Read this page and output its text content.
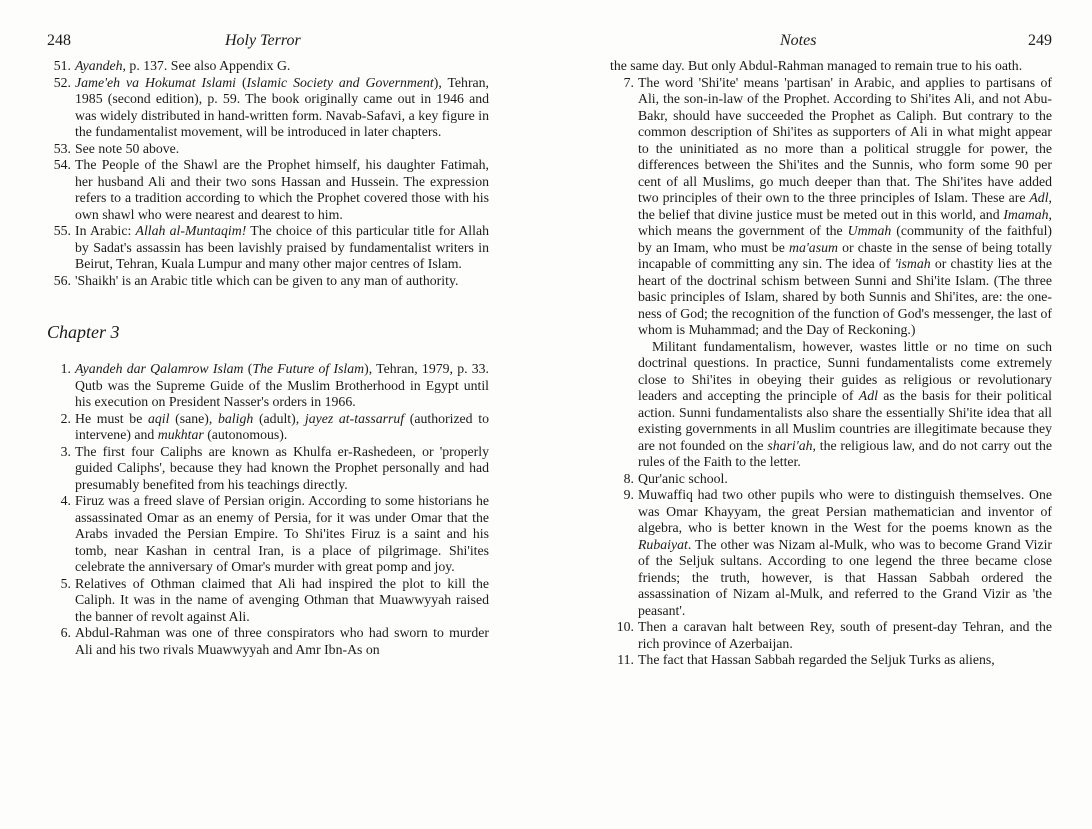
248	Holy Terror
51. Ayandeh, p. 137. See also Appendix G.
52. Jame'eh va Hokumat Islami (Islamic Society and Government), Tehran, 1985 (second edition), p. 59. The book originally came out in 1946 and was widely distributed in hand-written form. Navab-Safavi, a key figure in the fundamentalist movement, will be introduced in later chapters.
53. See note 50 above.
54. The People of the Shawl are the Prophet himself, his daughter Fatimah, her husband Ali and their two sons Hassan and Hussein. The expression refers to a tradition according to which the Prophet covered those with his own shawl who were nearest and dearest to him.
55. In Arabic: Allah al-Muntaqim! The choice of this particular title for Allah by Sadat's assassin has been lavishly praised by fundamentalist writers in Beirut, Tehran, Kuala Lumpur and many other major centres of Islam.
56. 'Shaikh' is an Arabic title which can be given to any man of authority.
Chapter 3
1. Ayandeh dar Qalamrow Islam (The Future of Islam), Tehran, 1979, p. 33. Qutb was the Supreme Guide of the Muslim Brotherhood in Egypt until his execution on President Nasser's orders in 1966.
2. He must be aqil (sane), baligh (adult), jayez at-tassarruf (authorized to intervene) and mukhtar (autonomous).
3. The first four Caliphs are known as Khulfa er-Rashedeen, or 'properly guided Caliphs', because they had known the Prophet personally and had presumably benefited from his teachings directly.
4. Firuz was a freed slave of Persian origin. According to some historians he assassinated Omar as an enemy of Persia, for it was under Omar that the Arabs invaded the Persian Empire. To Shi'ites Firuz is a saint and his tomb, near Kashan in central Iran, is a place of pilgrimage. Shi'ites celebrate the anniversary of Omar's murder with great pomp and joy.
5. Relatives of Othman claimed that Ali had inspired the plot to kill the Caliph. It was in the name of avenging Othman that Muawwyyah raised the banner of revolt against Ali.
6. Abdul-Rahman was one of three conspirators who had sworn to murder Ali and his two rivals Muawwyyah and Amr Ibn-As on
Notes	249
the same day. But only Abdul-Rahman managed to remain true to his oath.
7. The word 'Shi'ite' means 'partisan' in Arabic, and applies to partisans of Ali, the son-in-law of the Prophet. According to Shi'ites Ali, and not Abu-Bakr, should have succeeded the Prophet as Caliph. But contrary to the common description of Shi'ites as supporters of Ali in what might appear to the uninitiated as no more than a political struggle for power, the differences between the Shi'ites and the Sunnis, who form some 90 per cent of all Muslims, go much deeper than that. The Shi'ites have added two principles of their own to the three principles of Islam. These are Adl, the belief that divine justice must be meted out in this world, and Imamah, which means the government of the Ummah (community of the faithful) by an Imam, who must be ma'asum or chaste in the sense of being totally incapable of committing any sin. The idea of 'ismah or chastity lies at the heart of the doctrinal schism between Sunni and Shi'ite Islam. (The three basic principles of Islam, shared by both Sunnis and Shi'ites, are: the one-ness of God; the recognition of the function of God's messenger, the last of whom is Muhammad; and the Day of Reckoning.)
Militant fundamentalism, however, wastes little or no time on such doctrinal questions. In practice, Sunni fundamentalists come extremely close to Shi'ites in obeying their guides as religious or revolutionary leaders and accepting the principle of Adl as the basis for their political action. Sunni fundamentalists also share the essentially Shi'ite idea that all existing governments in all Muslim countries are illegitimate because they are not founded on the shari'ah, the religious law, and do not carry out the rules of the Faith to the letter.
8. Qur'anic school.
9. Muwaffiq had two other pupils who were to distinguish themselves. One was Omar Khayyam, the great Persian mathematician and inventor of algebra, who is better known in the West for the poems known as the Rubaiyat. The other was Nizam al-Mulk, who was to become Grand Vizir of the Seljuk sultans. According to one legend the three became close friends; the truth, however, is that Hassan Sabbah ordered the assassination of Nizam al-Mulk, and referred to the Grand Vizir as 'the peasant'.
10. Then a caravan halt between Rey, south of present-day Tehran, and the rich province of Azerbaijan.
11. The fact that Hassan Sabbah regarded the Seljuk Turks as aliens,
